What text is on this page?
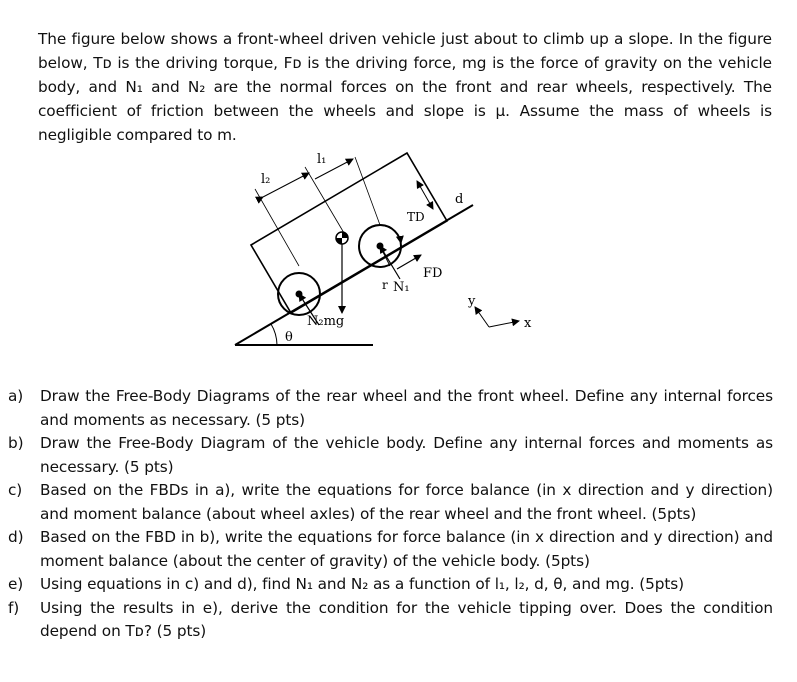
The figure below shows a front-wheel driven vehicle just about to climb up a slope. In the figure below, Tᴅ is the driving torque, Fᴅ is the driving force, mg is the force of gravity on the vehicle body, and N₁ and N₂ are the normal forces on the front and rear wheels, respectively. The coefficient of friction between the wheels and slope is μ. Assume the mass of wheels is negligible compared to m.

l₂
l₁
TD
d
FD
r N₁
N₂mg
θ
y
x
a)	Draw the Free-Body Diagrams of the rear wheel and the front wheel. Define any internal forces and moments as necessary. (5 pts)
b)	Draw the Free-Body Diagram of the vehicle body. Define any internal forces and moments as necessary. (5 pts)
c)	Based on the FBDs in a), write the equations for force balance (in x direction and y direction) and moment balance (about wheel axles) of the rear wheel and the front wheel. (5pts)
d)	Based on the FBD in b), write the equations for force balance (in x direction and y direction) and moment balance (about the center of gravity) of the vehicle body. (5pts)
e)	Using equations in c) and d), find N₁ and N₂ as a function of l₁, l₂, d, θ, and mg. (5pts)
f)	Using the results in e), derive the condition for the vehicle tipping over. Does the condition depend on Tᴅ? (5 pts)
